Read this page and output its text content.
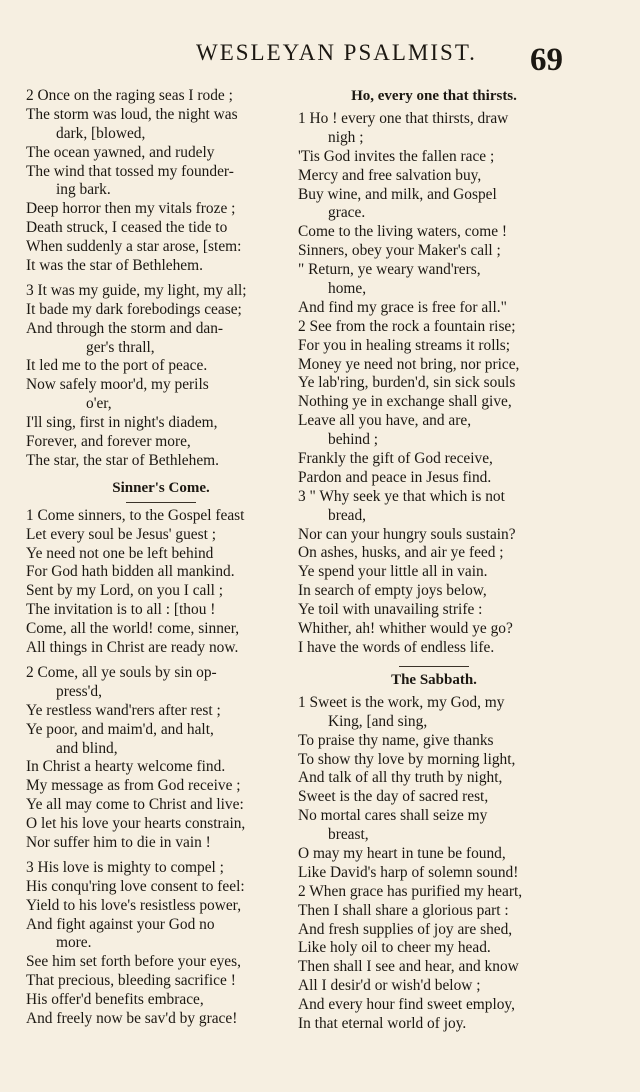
WESLEYAN PSALMIST. 69
2 Once on the raging seas I rode ;
The storm was loud, the night was
dark, [blowed,
The ocean yawned, and rudely
The wind that tossed my founder-
ing bark.
Deep horror then my vitals froze ;
Death struck, I ceased the tide to
When suddenly a star arose, [stem:
It was the star of Bethlehem.
3 It was my guide, my light, my all;
It bade my dark forebodings cease;
And through the storm and dan-
ger's thrall,
It led me to the port of peace.
Now safely moor'd, my perils
o'er,
I'll sing, first in night's diadem,
Forever, and forever more,
The star, the star of Bethlehem.
Sinner's Come.
1 Come sinners, to the Gospel feast
Let every soul be Jesus' guest ;
Ye need not one be left behind
For God hath bidden all mankind.
Sent by my Lord, on you I call ;
The invitation is to all : [thou !
Come, all the world! come, sinner,
All things in Christ are ready now.
2 Come, all ye souls by sin op-
press'd,
Ye restless wand'rers after rest ;
Ye poor, and maim'd, and halt,
and blind,
In Christ a hearty welcome find.
My message as from God receive ;
Ye all may come to Christ and live:
O let his love your hearts constrain,
Nor suffer him to die in vain !
3 His love is mighty to compel ;
His conqu'ring love consent to feel:
Yield to his love's resistless power,
And fight against your God no
more.
See him set forth before your eyes,
That precious, bleeding sacrifice !
His offer'd benefits embrace,
And freely now be sav'd by grace!
Ho, every one that thirsts.
1 Ho ! every one that thirsts, draw
nigh ;
'Tis God invites the fallen race ;
Mercy and free salvation buy,
Buy wine, and milk, and Gospel
grace.
Come to the living waters, come !
Sinners, obey your Maker's call ;
" Return, ye weary wand'rers,
home,
And find my grace is free for all."
2 See from the rock a fountain rise;
For you in healing streams it rolls;
Money ye need not bring, nor price,
Ye lab'ring, burden'd, sin sick souls
Nothing ye in exchange shall give,
Leave all you have, and are,
behind ;
Frankly the gift of God receive,
Pardon and peace in Jesus find.
3 " Why seek ye that which is not
bread,
Nor can your hungry souls sustain?
On ashes, husks, and air ye feed ;
Ye spend your little all in vain.
In search of empty joys below,
Ye toil with unavailing strife :
Whither, ah! whither would ye go?
I have the words of endless life.
The Sabbath.
1 Sweet is the work, my God, my
King, [and sing,
To praise thy name, give thanks
To show thy love by morning light,
And talk of all thy truth by night,
Sweet is the day of sacred rest,
No mortal cares shall seize my
breast,
O may my heart in tune be found,
Like David's harp of solemn sound!
2 When grace has purified my heart,
Then I shall share a glorious part :
And fresh supplies of joy are shed,
Like holy oil to cheer my head.
Then shall I see and hear, and know
All I desir'd or wish'd below ;
And every hour find sweet employ,
In that eternal world of joy.
